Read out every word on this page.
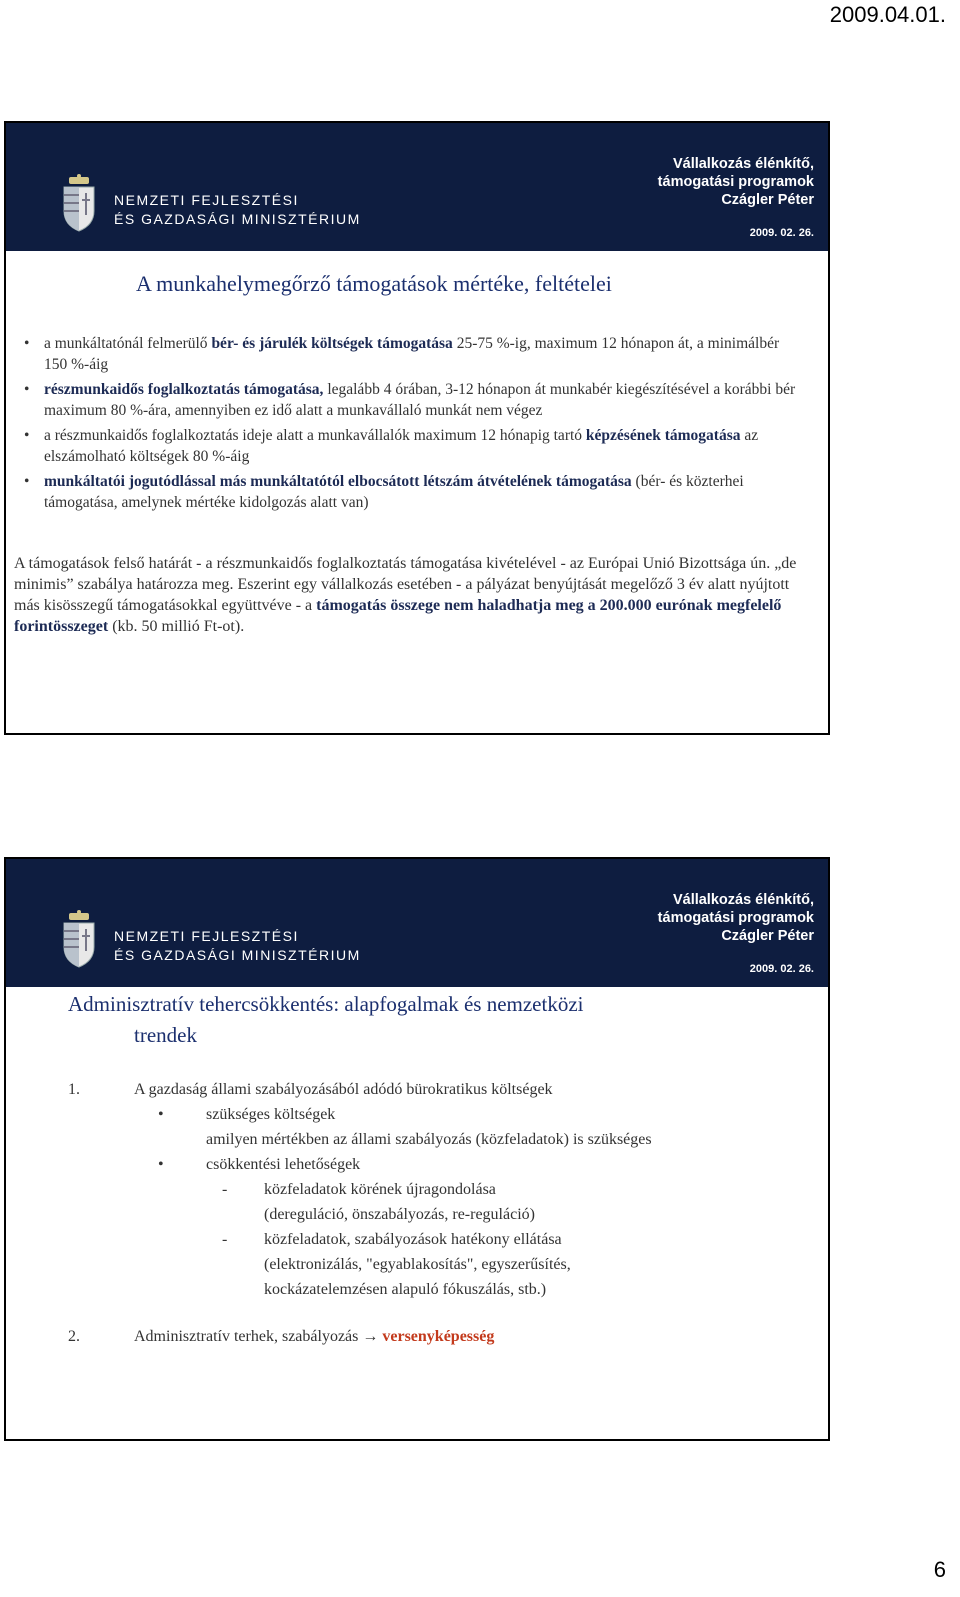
2009.04.01.
NEMZETI FEJLESZTÉSI
ÉS GAZDASÁGI MINISZTÉRIUM
Vállalkozás élénkítő,
támogatási programok
Czágler Péter
2009. 02. 26.
A munkahelymegőrző támogatások mértéke, feltételei
• a munkáltatónál felmerülő bér- és járulék költségek támogatása 25-75 %-ig, maximum 12 hónapon át, a minimálbér 150 %-áig
• részmunkaidős foglalkoztatás támogatása, legalább 4 órában, 3-12 hónapon át munkabér kiegészítésével a korábbi bér maximum 80 %-ára, amennyiben ez idő alatt a munkavállaló munkát nem végez
• a részmunkaidős foglalkoztatás ideje alatt a munkavállalók maximum 12 hónapig tartó képzésének támogatása az elszámolható költségek 80 %-áig
• munkáltatói jogutódlással más munkáltatótól elbocsátott létszám átvételének támogatása (bér- és közterhei támogatása, amelynek mértéke kidolgozás alatt van)
A támogatások felső határát - a részmunkaidős foglalkoztatás támogatása kivételével - az Európai Unió Bizottsága ún. „de minimis” szabálya határozza meg. Eszerint egy vállalkozás esetében - a pályázat benyújtását megelőző 3 év alatt nyújtott más kisösszegű támogatásokkal együttvéve - a támogatás összege nem haladhatja meg a 200.000 eurónak megfelelő forintösszeget (kb. 50 millió Ft-ot).
NEMZETI FEJLESZTÉSI
ÉS GAZDASÁGI MINISZTÉRIUM
Vállalkozás élénkítő,
támogatási programok
Czágler Péter
2009. 02. 26.
Adminisztratív tehercsökkentés: alapfogalmak és nemzetközi
trendek
1.	A gazdaság állami szabályozásából adódó bürokratikus költségek
•	szükséges költségek
amilyen mértékben az állami szabályozás (közfeladatok) is szükséges
•	csökkentési lehetőségek
- közfeladatok körének újragondolása
(dereguláció, önszabályozás, re-reguláció)
- közfeladatok, szabályozások hatékony ellátása
(elektronizálás, "egyablakosítás", egyszerűsítés,
kockázatelemzésen alapuló fókuszálás, stb.)
2.	Adminisztratív terhek, szabályozás → versenyképesség
6
